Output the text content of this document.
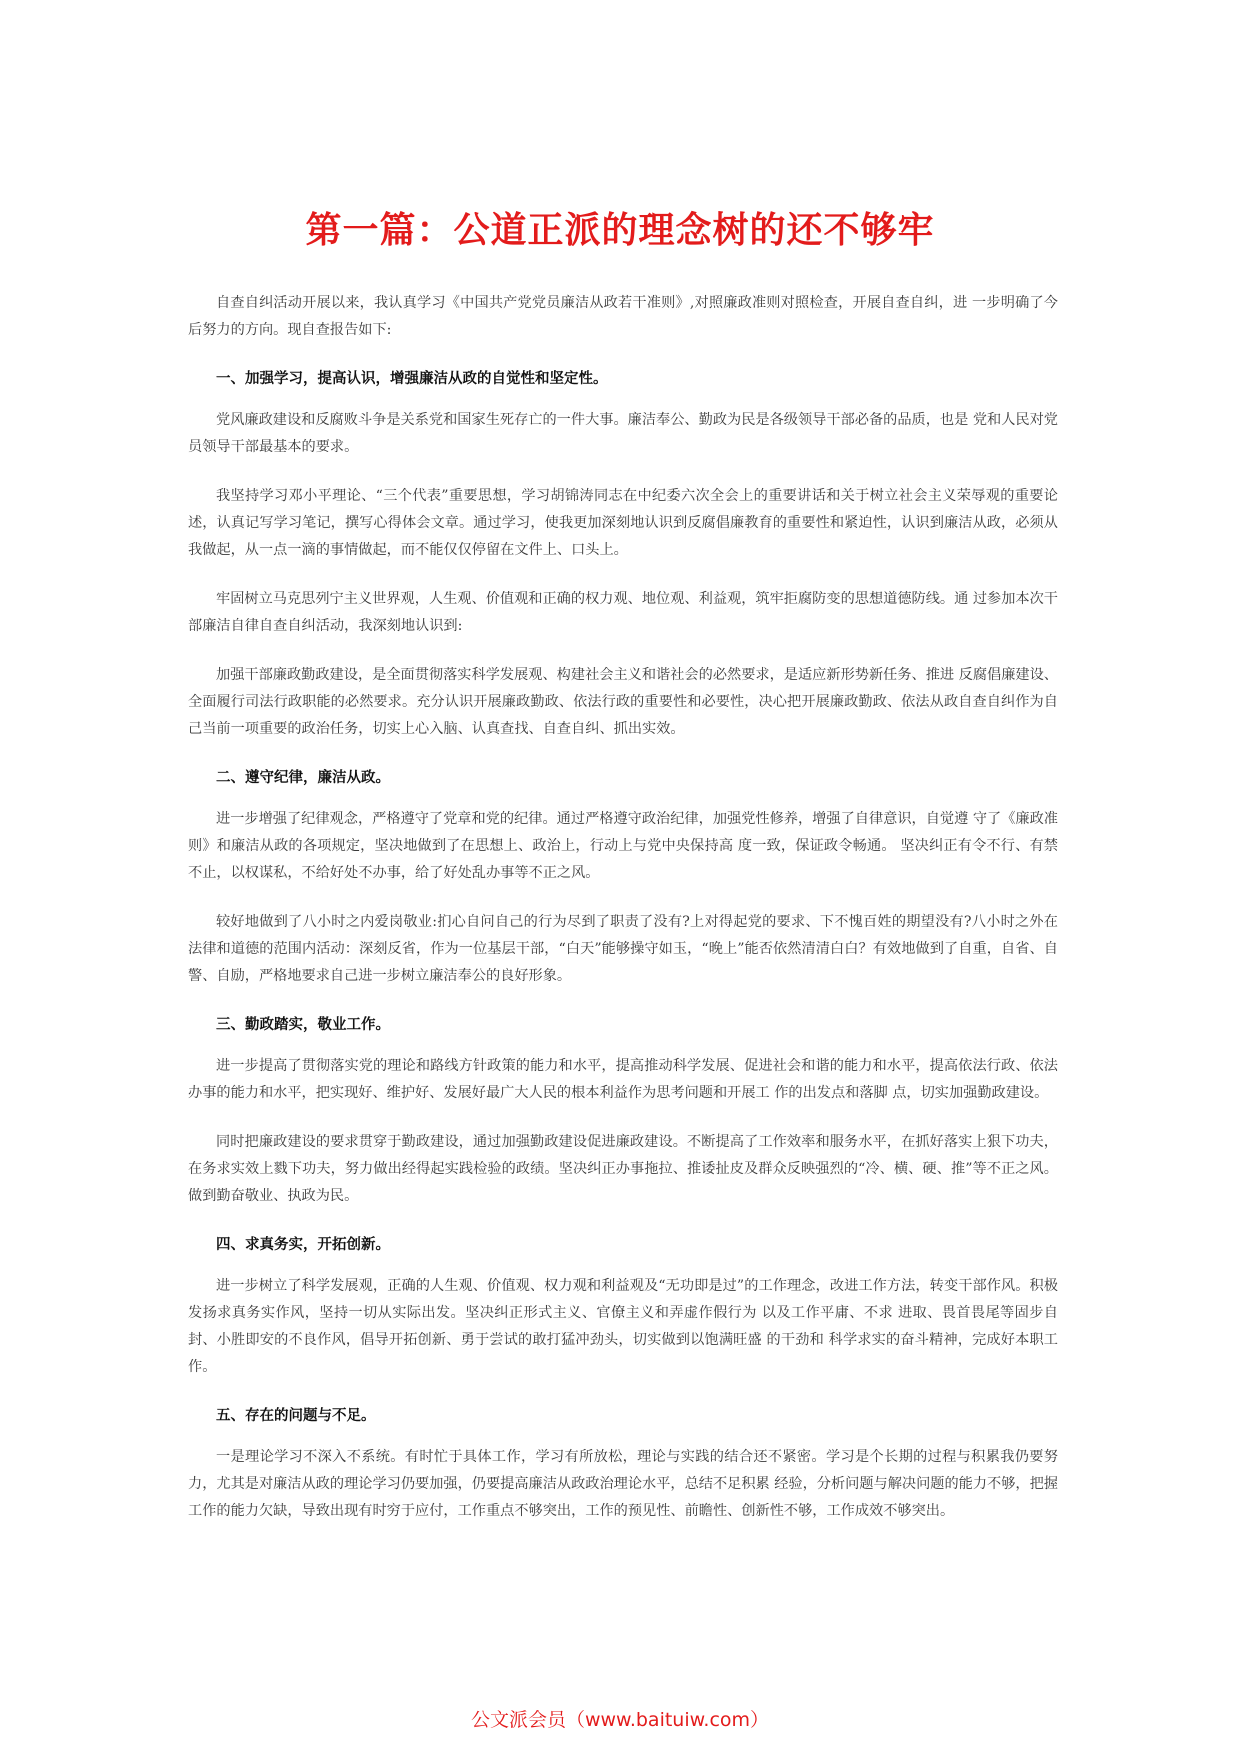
第一篇：公道正派的理念树的还不够牢

自查自纠活动开展以来，我认真学习《中国共产党党员廉洁从政若干准则》,对照廉政准则对照检查，开展自查自纠，进 一步明确了今后努力的方向。现自查报告如下:

一、加强学习，提高认识，增强廉洁从政的自觉性和坚定性。

党风廉政建设和反腐败斗争是关系党和国家生死存亡的一件大事。廉洁奉公、勤政为民是各级领导干部必备的品质，也是 党和人民对党员领导干部最基本的要求。

我坚持学习邓小平理论、“三个代表”重要思想，学习胡锦涛同志在中纪委六次全会上的重要讲话和关于树立社会主义荣辱观的重要论述，认真记写学习笔记，撰写心得体会文章。通过学习，使我更加深刻地认识到反腐倡廉教育的重要性和紧迫性，认识到廉洁从政，必须从我做起，从一点一滴的事情做起，而不能仅仅停留在文件上、口头上。

牢固树立马克思列宁主义世界观，人生观、价值观和正确的权力观、地位观、利益观，筑牢拒腐防变的思想道德防线。通 过参加本次干部廉洁自律自查自纠活动，我深刻地认识到:

加强干部廉政勤政建设，是全面贯彻落实科学发展观、构建社会主义和谐社会的必然要求，是适应新形势新任务、推进 反腐倡廉建设、全面履行司法行政职能的必然要求。充分认识开展廉政勤政、依法行政的重要性和必要性，决心把开展廉政勤政、依法从政自查自纠作为自己当前一项重要的政治任务，切实上心入脑、认真查找、自查自纠、抓出实效。

二、遵守纪律，廉洁从政。

进一步增强了纪律观念，严格遵守了党章和党的纪律。通过严格遵守政治纪律，加强党性修养，增强了自律意识，自觉遵 守了《廉政准则》和廉洁从政的各项规定，坚决地做到了在思想上、政治上，行动上与党中央保持高 度一致，保证政令畅通。 坚决纠正有令不行、有禁不止，以权谋私，不给好处不办事，给了好处乱办事等不正之风。

较好地做到了八小时之内爱岗敬业:扪心自问自己的行为尽到了职责了没有?上对得起党的要求、下不愧百姓的期望没有?八小时之外在法律和道德的范围内活动：深刻反省，作为一位基层干部，“白天”能够操守如玉，“晚上”能否依然清清白白？有效地做到了自重，自省、自警、自励，严格地要求自己进一步树立廉洁奉公的良好形象。

三、勤政踏实，敬业工作。

进一步提高了贯彻落实党的理论和路线方针政策的能力和水平，提高推动科学发展、促进社会和谐的能力和水平，提高依法行政、依法办事的能力和水平，把实现好、维护好、发展好最广大人民的根本利益作为思考问题和开展工 作的出发点和落脚 点，切实加强勤政建设。

同时把廉政建设的要求贯穿于勤政建设，通过加强勤政建设促进廉政建设。不断提高了工作效率和服务水平，在抓好落实上狠下功夫，在务求实效上戮下功夫，努力做出经得起实践检验的政绩。坚决纠正办事拖拉、推诿扯皮及群众反映强烈的“冷、横、硬、推”等不正之风。做到勤奋敬业、执政为民。

四、求真务实，开拓创新。

进一步树立了科学发展观，正确的人生观、价值观、权力观和利益观及“无功即是过”的工作理念，改进工作方法，转变干部作风。积极发扬求真务实作风，坚持一切从实际出发。坚决纠正形式主义、官僚主义和弄虚作假行为 以及工作平庸、不求 进取、畏首畏尾等固步自封、小胜即安的不良作风，倡导开拓创新、勇于尝试的敢打猛冲劲头，切实做到以饱满旺盛 的干劲和 科学求实的奋斗精神，完成好本职工作。

五、存在的问题与不足。

一是理论学习不深入不系统。有时忙于具体工作，学习有所放松，理论与实践的结合还不紧密。学习是个长期的过程与积累我仍要努力，尤其是对廉洁从政的理论学习仍要加强，仍要提高廉洁从政政治理论水平，总结不足积累 经验，分析问题与解决问题的能力不够，把握工作的能力欠缺，导致出现有时穷于应付，工作重点不够突出，工作的预见性、前瞻性、创新性不够，工作成效不够突出。

公文派会员（www.baituiw.com）
